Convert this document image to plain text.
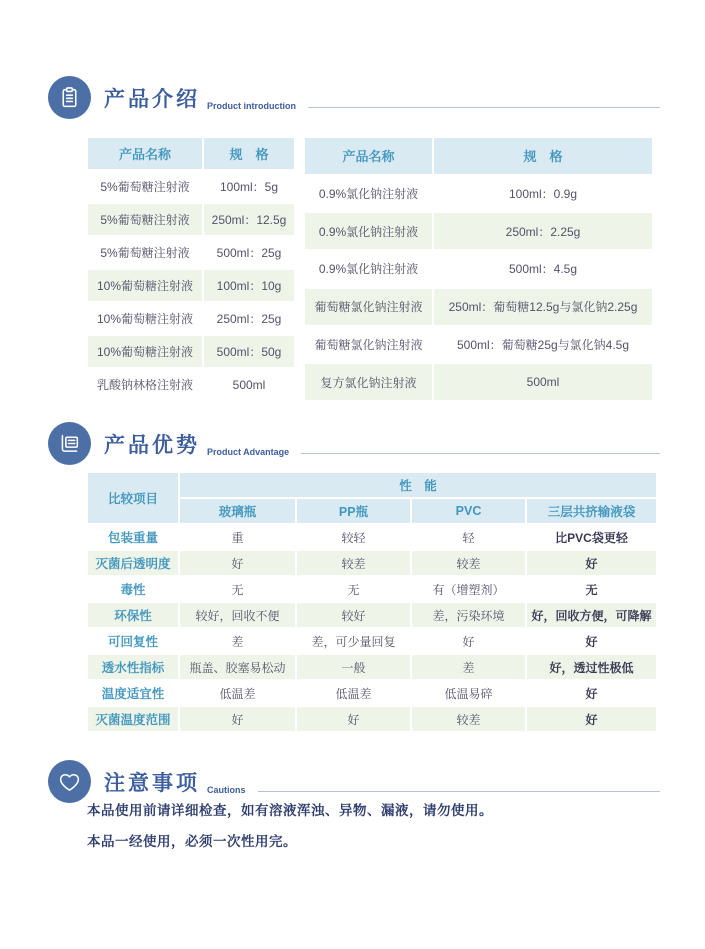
产品介绍 Product introduction
产品名称	规　格
5%葡萄糖注射液	100ml：5g
5%葡萄糖注射液	250ml：12.5g
5%葡萄糖注射液	500ml：25g
10%葡萄糖注射液	100ml：10g
10%葡萄糖注射液	250ml：25g
10%葡萄糖注射液	500ml：50g
乳酸钠林格注射液	500ml
产品名称	规　格
0.9%氯化钠注射液	100ml：0.9g
0.9%氯化钠注射液	250ml：2.25g
0.9%氯化钠注射液	500ml：4.5g
葡萄糖氯化钠注射液	250ml：葡萄糖12.5g与氯化钠2.25g
葡萄糖氯化钠注射液	500ml：葡萄糖25g与氯化钠4.5g
复方氯化钠注射液	500ml
产品优势 Product Advantage
比较项目	性　能			
	玻璃瓶	PP瓶	PVC	三层共挤输液袋
包装重量	重	较轻	轻	比PVC袋更轻
灭菌后透明度	好	较差	较差	好
毒性	无	无	有（增塑剂）	无
环保性	较好，回收不便	较好	差，污染环境	好，回收方便，可降解
可回复性	差	差，可少量回复	好	好
透水性指标	瓶盖、胶塞易松动	一般	差	好，透过性极低
温度适宜性	低温差	低温差	低温易碎	好
灭菌温度范围	好	好	较差	好
注意事项 Cautions

本品使用前请详细检查，如有溶液浑浊、异物、漏液，请勿使用。

本品一经使用，必须一次性用完。
